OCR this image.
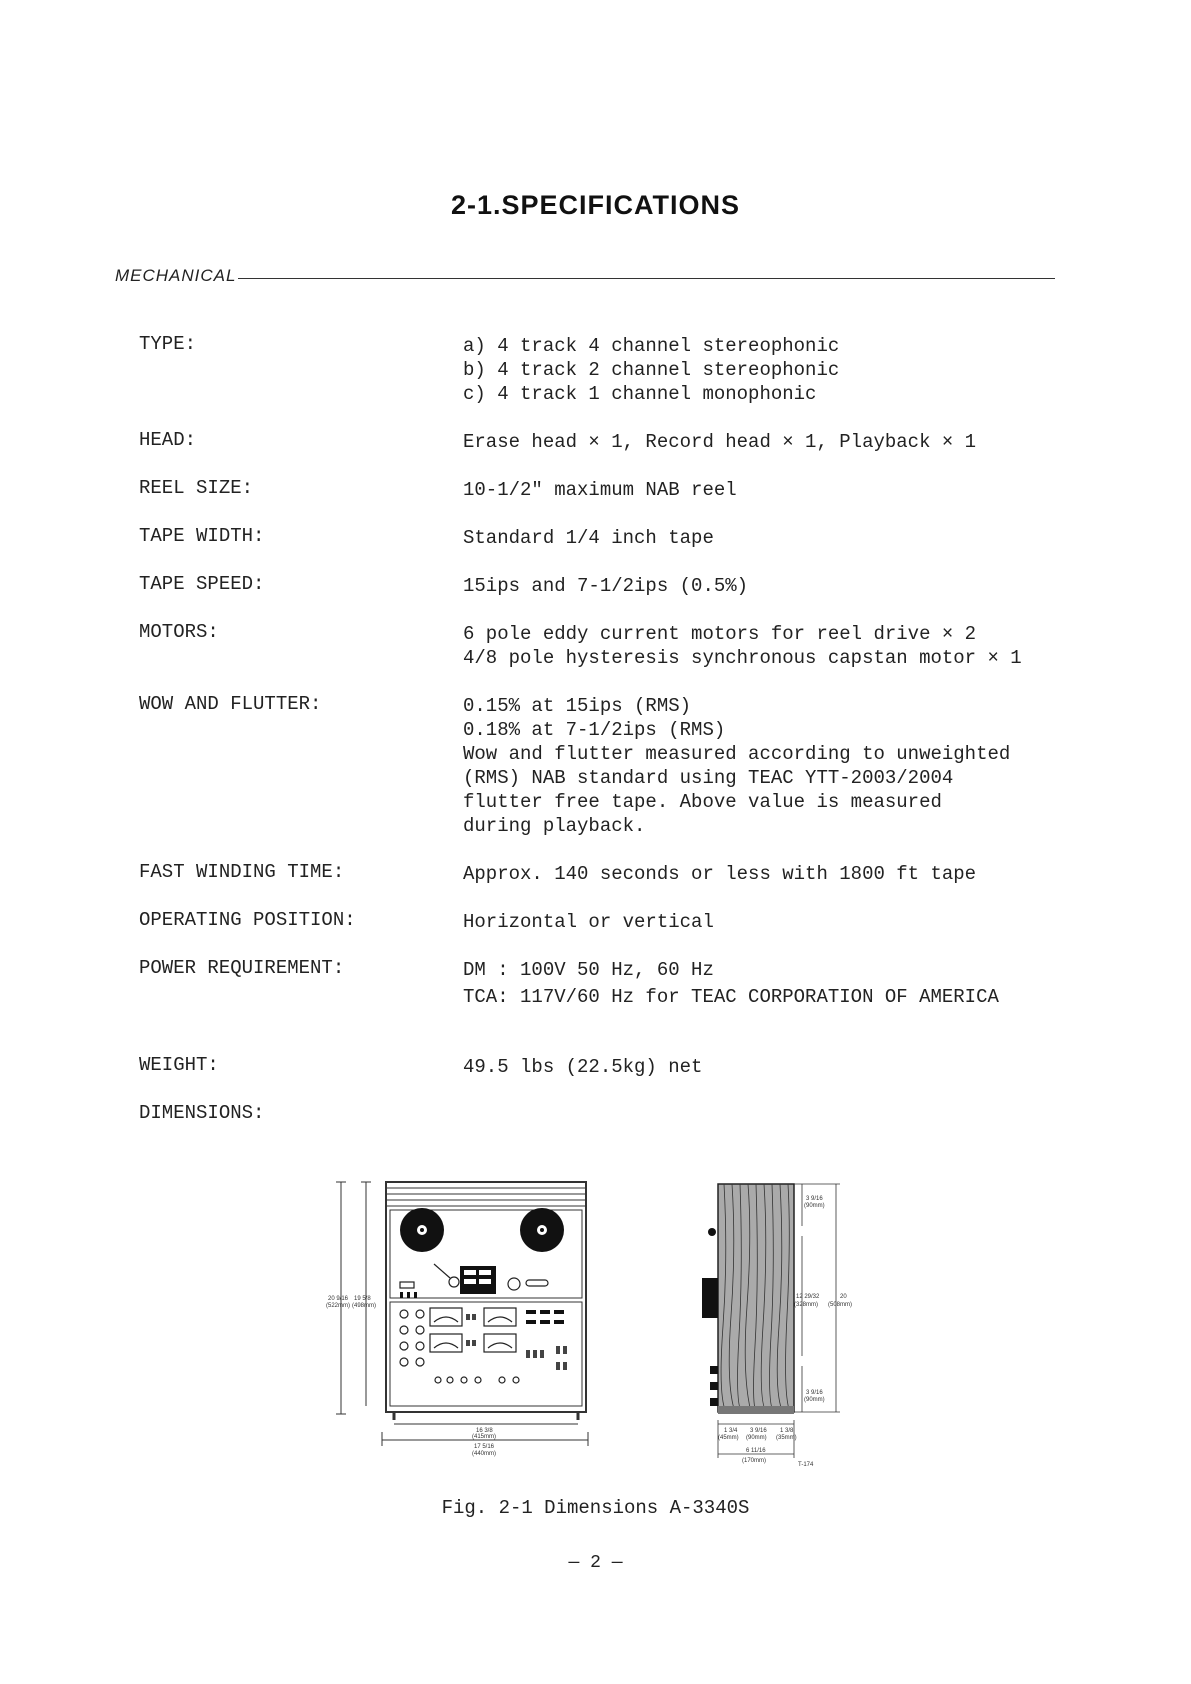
2-1.SPECIFICATIONS
MECHANICAL
TYPE:	a) 4 track 4 channel stereophonic
b) 4 track 2 channel stereophonic
c) 4 track 1 channel monophonic
HEAD:	Erase head × 1, Record head × 1, Playback × 1
REEL SIZE:	10-1/2" maximum NAB reel
TAPE WIDTH:	Standard 1/4 inch tape
TAPE SPEED:	15ips and 7-1/2ips (0.5%)
MOTORS:	6 pole eddy current motors for reel drive × 2
4/8 pole hysteresis synchronous capstan motor × 1
WOW AND FLUTTER:	0.15% at 15ips (RMS)
0.18% at 7-1/2ips (RMS)
Wow and flutter measured according to unweighted
(RMS) NAB standard using TEAC YTT-2003/2004
flutter free tape. Above value is measured
during playback.
FAST WINDING TIME:	Approx. 140 seconds or less with 1800 ft tape
OPERATING POSITION:	Horizontal or vertical
POWER REQUIREMENT:	DM : 100V 50 Hz, 60 Hz
TCA: 117V/60 Hz for TEAC CORPORATION OF AMERICA
WEIGHT:	49.5 lbs (22.5kg) net
DIMENSIONS:
20 9/16
(522mm)
19 5/8
(498mm)
16 3/8
(415mm)
17 5/16
(440mm)
3 9/16
(90mm)
12 29/32
(328mm)
20
(508mm)
3 9/16
(90mm)
1 3/4
(45mm)
3 9/16
(90mm)
1 3/8
(35mm)
6 11/16
(170mm)
T-174
Fig. 2-1 Dimensions A-3340S
— 2 —
